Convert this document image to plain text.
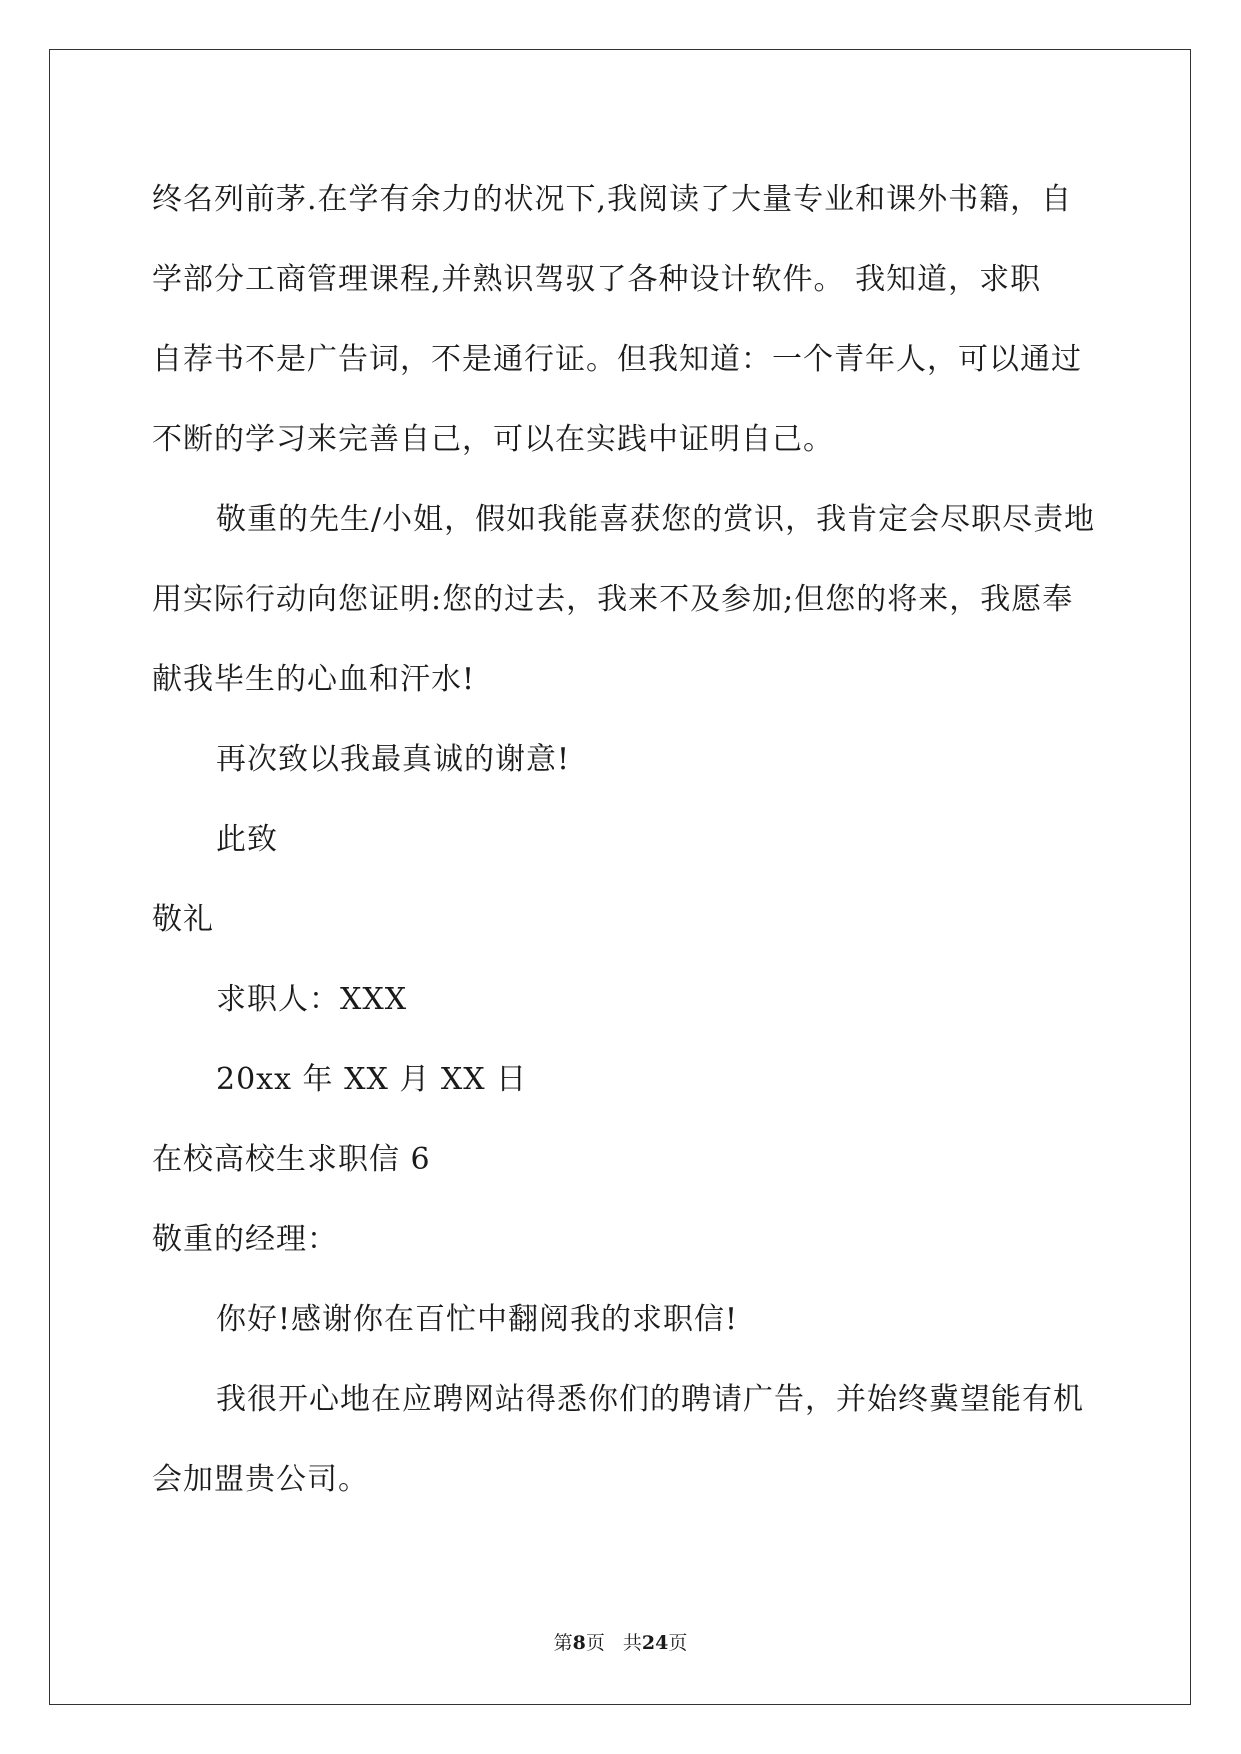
终名列前茅.在学有余力的状况下,我阅读了大量专业和课外书籍，自
学部分工商管理课程,并熟识驾驭了各种设计软件。 我知道，求职
自荐书不是广告词，不是通行证。但我知道：一个青年人，可以通过
不断的学习来完善自己，可以在实践中证明自己。
敬重的先生/小姐，假如我能喜获您的赏识，我肯定会尽职尽责地
用实际行动向您证明:您的过去，我来不及参加;但您的将来，我愿奉
献我毕生的心血和汗水!
再次致以我最真诚的谢意!
此致
敬礼
求职人：XXX
20xx 年 XX 月 XX 日
在校高校生求职信 6
敬重的经理：
你好!感谢你在百忙中翻阅我的求职信!
我很开心地在应聘网站得悉你们的聘请广告，并始终冀望能有机
会加盟贵公司。
第8页 共24页
